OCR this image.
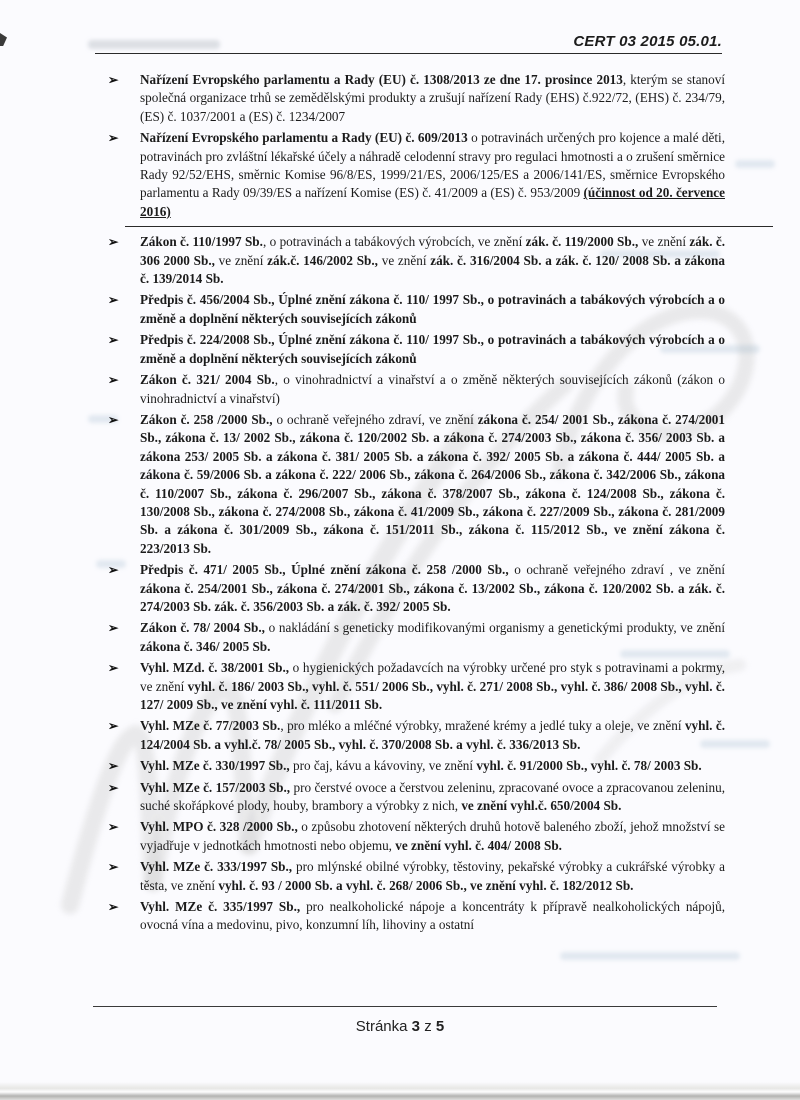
CERT 03 2015 05.01.
➢ Nařízení Evropského parlamentu a Rady (EU) č. 1308/2013 ze dne 17. prosince 2013, kterým se stanoví společná organizace trhů se zemědělskými produkty a zrušují nařízení Rady (EHS) č.922/72, (EHS) č. 234/79, (ES) č. 1037/2001 a (ES) č. 1234/2007
➢ Nařízení Evropského parlamentu a Rady (EU) č. 609/2013 o potravinách určených pro kojence a malé děti, potravinách pro zvláštní lékařské účely a náhradě celodenní stravy pro regulaci hmotnosti a o zrušení směrnice Rady 92/52/EHS, směrnic Komise 96/8/ES, 1999/21/ES, 2006/125/ES a 2006/141/ES, směrnice Evropského parlamentu a Rady 09/39/ES a nařízení Komise (ES) č. 41/2009 a (ES) č. 953/2009 (účinnost od 20. července 2016)
➢ Zákon č. 110/1997 Sb., o potravinách a tabákových výrobcích, ve znění zák. č. 119/2000 Sb., ve znění zák. č. 306 2000 Sb., ve znění zák.č. 146/2002 Sb., ve znění zák. č. 316/2004 Sb. a zák. č. 120/ 2008 Sb. a zákona č. 139/2014 Sb.
➢ Předpis č. 456/2004 Sb., Úplné znění zákona č. 110/ 1997 Sb., o potravinách a tabákových výrobcích a o změně a doplnění některých souvisejících zákonů
➢ Předpis č. 224/2008 Sb., Úplné znění zákona č. 110/ 1997 Sb., o potravinách a tabákových výrobcích a o změně a doplnění některých souvisejících zákonů
➢ Zákon č. 321/ 2004 Sb., o vinohradnictví a vinařství a o změně některých souvisejících zákonů (zákon o vinohradnictví a vinařství)
➢ Zákon č. 258 /2000 Sb., o ochraně veřejného zdraví, ve znění zákona č. 254/ 2001 Sb., zákona č. 274/2001 Sb., zákona č. 13/ 2002 Sb., zákona č. 120/2002 Sb. a zákona č. 274/2003 Sb., zákona č. 356/ 2003 Sb. a zákona 253/ 2005 Sb. a zákona č. 381/ 2005 Sb. a zákona č. 392/ 2005 Sb. a zákona č. 444/ 2005 Sb. a zákona č. 59/2006 Sb. a zákona č. 222/ 2006 Sb., zákona č. 264/2006 Sb., zákona č. 342/2006 Sb., zákona č. 110/2007 Sb., zákona č. 296/2007 Sb., zákona č. 378/2007 Sb., zákona č. 124/2008 Sb., zákona č. 130/2008 Sb., zákona č. 274/2008 Sb., zákona č. 41/2009 Sb., zákona č. 227/2009 Sb., zákona č. 281/2009 Sb. a zákona č. 301/2009 Sb., zákona č. 151/2011 Sb., zákona č. 115/2012 Sb., ve znění zákona č. 223/2013 Sb.
➢ Předpis č. 471/ 2005 Sb., Úplné znění zákona č. 258 /2000 Sb., o ochraně veřejného zdraví , ve znění zákona č. 254/2001 Sb., zákona č. 274/2001 Sb., zákona č. 13/2002 Sb., zákona č. 120/2002 Sb. a zák. č. 274/2003 Sb. zák. č. 356/2003 Sb. a zák. č. 392/ 2005 Sb.
➢ Zákon č. 78/ 2004 Sb., o nakládání s geneticky modifikovanými organismy a genetickými produkty, ve znění zákona č. 346/ 2005 Sb.
➢ Vyhl. MZd. č. 38/2001 Sb., o hygienických požadavcích na výrobky určené pro styk s potravinami a pokrmy, ve znění vyhl. č. 186/ 2003 Sb., vyhl. č. 551/ 2006 Sb., vyhl. č. 271/ 2008 Sb., vyhl. č. 386/ 2008 Sb., vyhl. č. 127/ 2009 Sb., ve znění vyhl. č. 111/2011 Sb.
➢ Vyhl. MZe č. 77/2003 Sb., pro mléko a mléčné výrobky, mražené krémy a jedlé tuky a oleje, ve znění vyhl. č. 124/2004 Sb. a vyhl.č. 78/ 2005 Sb., vyhl. č. 370/2008 Sb. a vyhl. č. 336/2013 Sb.
➢ Vyhl. MZe č. 330/1997 Sb., pro čaj, kávu a kávoviny, ve znění vyhl. č. 91/2000 Sb., vyhl. č. 78/ 2003 Sb.
➢ Vyhl. MZe č. 157/2003 Sb., pro čerstvé ovoce a čerstvou zeleninu, zpracované ovoce a zpracovanou zeleninu, suché skořápkové plody, houby, brambory a výrobky z nich, ve znění vyhl.č. 650/2004 Sb.
➢ Vyhl. MPO č. 328 /2000 Sb., o způsobu zhotovení některých druhů hotově baleného zboží, jehož množství se vyjadřuje v jednotkách hmotnosti nebo objemu, ve znění vyhl. č. 404/ 2008 Sb.
➢ Vyhl. MZe č. 333/1997 Sb., pro mlýnské obilné výrobky, těstoviny, pekařské výrobky a cukrářské výrobky a těsta, ve znění vyhl. č. 93 / 2000 Sb. a vyhl. č. 268/ 2006 Sb., ve znění vyhl. č. 182/2012 Sb.
➢ Vyhl. MZe č. 335/1997 Sb., pro nealkoholické nápoje a koncentráty k přípravě nealkoholických nápojů, ovocná vína a medovinu, pivo, konzumní líh, lihoviny a ostatní
Stránka 3 z 5
